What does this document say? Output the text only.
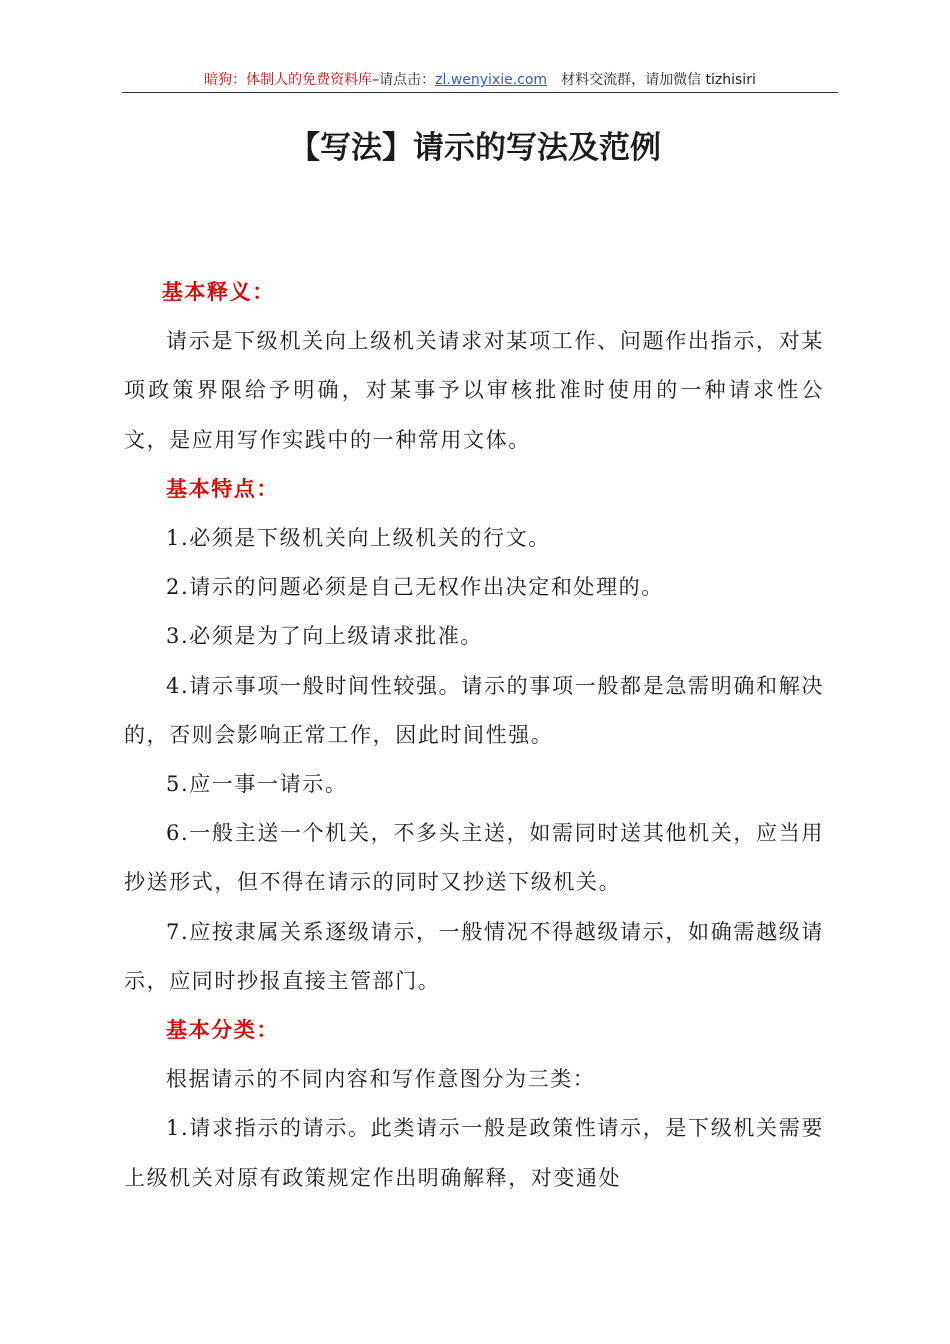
暗狗：体制人的免费资料库–请点击：zl.wenyixie.com 材料交流群，请加微信 tizhisiri
【写法】请示的写法及范例

基本释义：

请示是下级机关向上级机关请求对某项工作、问题作出指示，对某项政策界限给予明确，对某事予以审核批准时使用的一种请求性公文，是应用写作实践中的一种常用文体。

基本特点：

1.必须是下级机关向上级机关的行文。

2.请示的问题必须是自己无权作出决定和处理的。

3.必须是为了向上级请求批准。

4.请示事项一般时间性较强。请示的事项一般都是急需明确和解决的，否则会影响正常工作，因此时间性强。

5.应一事一请示。

6.一般主送一个机关，不多头主送，如需同时送其他机关，应当用抄送形式，但不得在请示的同时又抄送下级机关。

7.应按隶属关系逐级请示，一般情况不得越级请示，如确需越级请示，应同时抄报直接主管部门。

基本分类：

根据请示的不同内容和写作意图分为三类：

1.请求指示的请示。此类请示一般是政策性请示，是下级机关需要上级机关对原有政策规定作出明确解释，对变通处
